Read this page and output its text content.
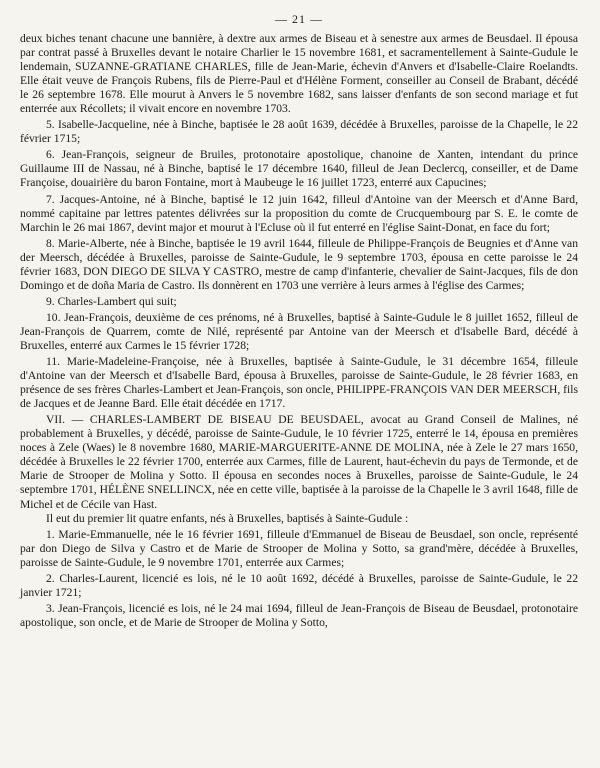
— 21 —

deux biches tenant chacune une bannière, à dextre aux armes de Biseau et à senestre aux armes de Beusdael. Il épousa par contrat passé à Bruxelles devant le notaire Charlier le 15 novembre 1681, et sacramentellement à Sainte-Gudule le lendemain, SUZANNE-GRATIANE CHARLES, fille de Jean-Marie, échevin d'Anvers et d'Isabelle-Claire Roelandts. Elle était veuve de François Rubens, fils de Pierre-Paul et d'Hélène Forment, conseiller au Conseil de Brabant, décédé le 26 septembre 1678. Elle mourut à Anvers le 5 novembre 1682, sans laisser d'enfants de son second mariage et fut enterrée aux Récollets; il vivait encore en novembre 1703.

5. Isabelle-Jacqueline, née à Binche, baptisée le 28 août 1639, décédée à Bruxelles, paroisse de la Chapelle, le 22 février 1715;

6. Jean-François, seigneur de Bruiles, protonotaire apostolique, chanoine de Xanten, intendant du prince Guillaume III de Nassau, né à Binche, baptisé le 17 décembre 1640, filleul de Jean Declercq, conseiller, et de Dame Françoise, douairière du baron Fontaine, mort à Maubeuge le 16 juillet 1723, enterré aux Capucines;

7. Jacques-Antoine, né à Binche, baptisé le 12 juin 1642, filleul d'Antoine van der Meersch et d'Anne Bard, nommé capitaine par lettres patentes délivrées sur la proposition du comte de Crucquembourg par S. E. le comte de Marchin le 26 mai 1867, devint major et mourut à l'Ecluse où il fut enterré en l'église Saint-Donat, en face du fort;

8. Marie-Alberte, née à Binche, baptisée le 19 avril 1644, filleule de Philippe-François de Beugnies et d'Anne van der Meersch, décédée à Bruxelles, paroisse de Sainte-Gudule, le 9 septembre 1703, épousa en cette paroisse le 24 février 1683, DON DIEGO DE SILVA Y CASTRO, mestre de camp d'infanterie, chevalier de Saint-Jacques, fils de don Domingo et de doña Maria de Castro. Ils donnèrent en 1703 une verrière à leurs armes à l'église des Carmes;

9. Charles-Lambert qui suit;

10. Jean-François, deuxième de ces prénoms, né à Bruxelles, baptisé à Sainte-Gudule le 8 juillet 1652, filleul de Jean-François de Quarrem, comte de Nilé, représenté par Antoine van der Meersch et d'Isabelle Bard, décédé à Bruxelles, enterré aux Carmes le 15 février 1728;

11. Marie-Madeleine-Françoise, née à Bruxelles, baptisée à Sainte-Gudule, le 31 décembre 1654, filleule d'Antoine van der Meersch et d'Isabelle Bard, épousa à Bruxelles, paroisse de Sainte-Gudule, le 28 février 1683, en présence de ses frères Charles-Lambert et Jean-François, son oncle, PHILIPPE-FRANÇOIS VAN DER MEERSCH, fils de Jacques et de Jeanne Bard. Elle était décédée en 1717.

VII. — CHARLES-LAMBERT DE BISEAU DE BEUSDAEL, avocat au Grand Conseil de Malines, né probablement à Bruxelles, y décédé, paroisse de Sainte-Gudule, le 10 février 1725, enterré le 14, épousa en premières noces à Zele (Waes) le 8 novembre 1680, MARIE-MARGUERITE-ANNE DE MOLINA, née à Zele le 27 mars 1650, décédée à Bruxelles le 22 février 1700, enterrée aux Carmes, fille de Laurent, haut-échevin du pays de Termonde, et de Marie de Strooper de Molina y Sotto. Il épousa en secondes noces à Bruxelles, paroisse de Sainte-Gudule, le 24 septembre 1701, HÉLÈNE SNELLINCX, née en cette ville, baptisée à la paroisse de la Chapelle le 3 avril 1648, fille de Michel et de Cécile van Hast.

Il eut du premier lit quatre enfants, nés à Bruxelles, baptisés à Sainte-Gudule :

1. Marie-Emmanuelle, née le 16 février 1691, filleule d'Emmanuel de Biseau de Beusdael, son oncle, représenté par don Diego de Silva y Castro et de Marie de Strooper de Molina y Sotto, sa grand'mère, décédée à Bruxelles, paroisse de Sainte-Gudule, le 9 novembre 1701, enterrée aux Carmes;

2. Charles-Laurent, licencié es lois, né le 10 août 1692, décédé à Bruxelles, paroisse de Sainte-Gudule, le 22 janvier 1721;

3. Jean-François, licencié es lois, né le 24 mai 1694, filleul de Jean-François de Biseau de Beusdael, protonotaire apostolique, son oncle, et de Marie de Strooper de Molina y Sotto,
